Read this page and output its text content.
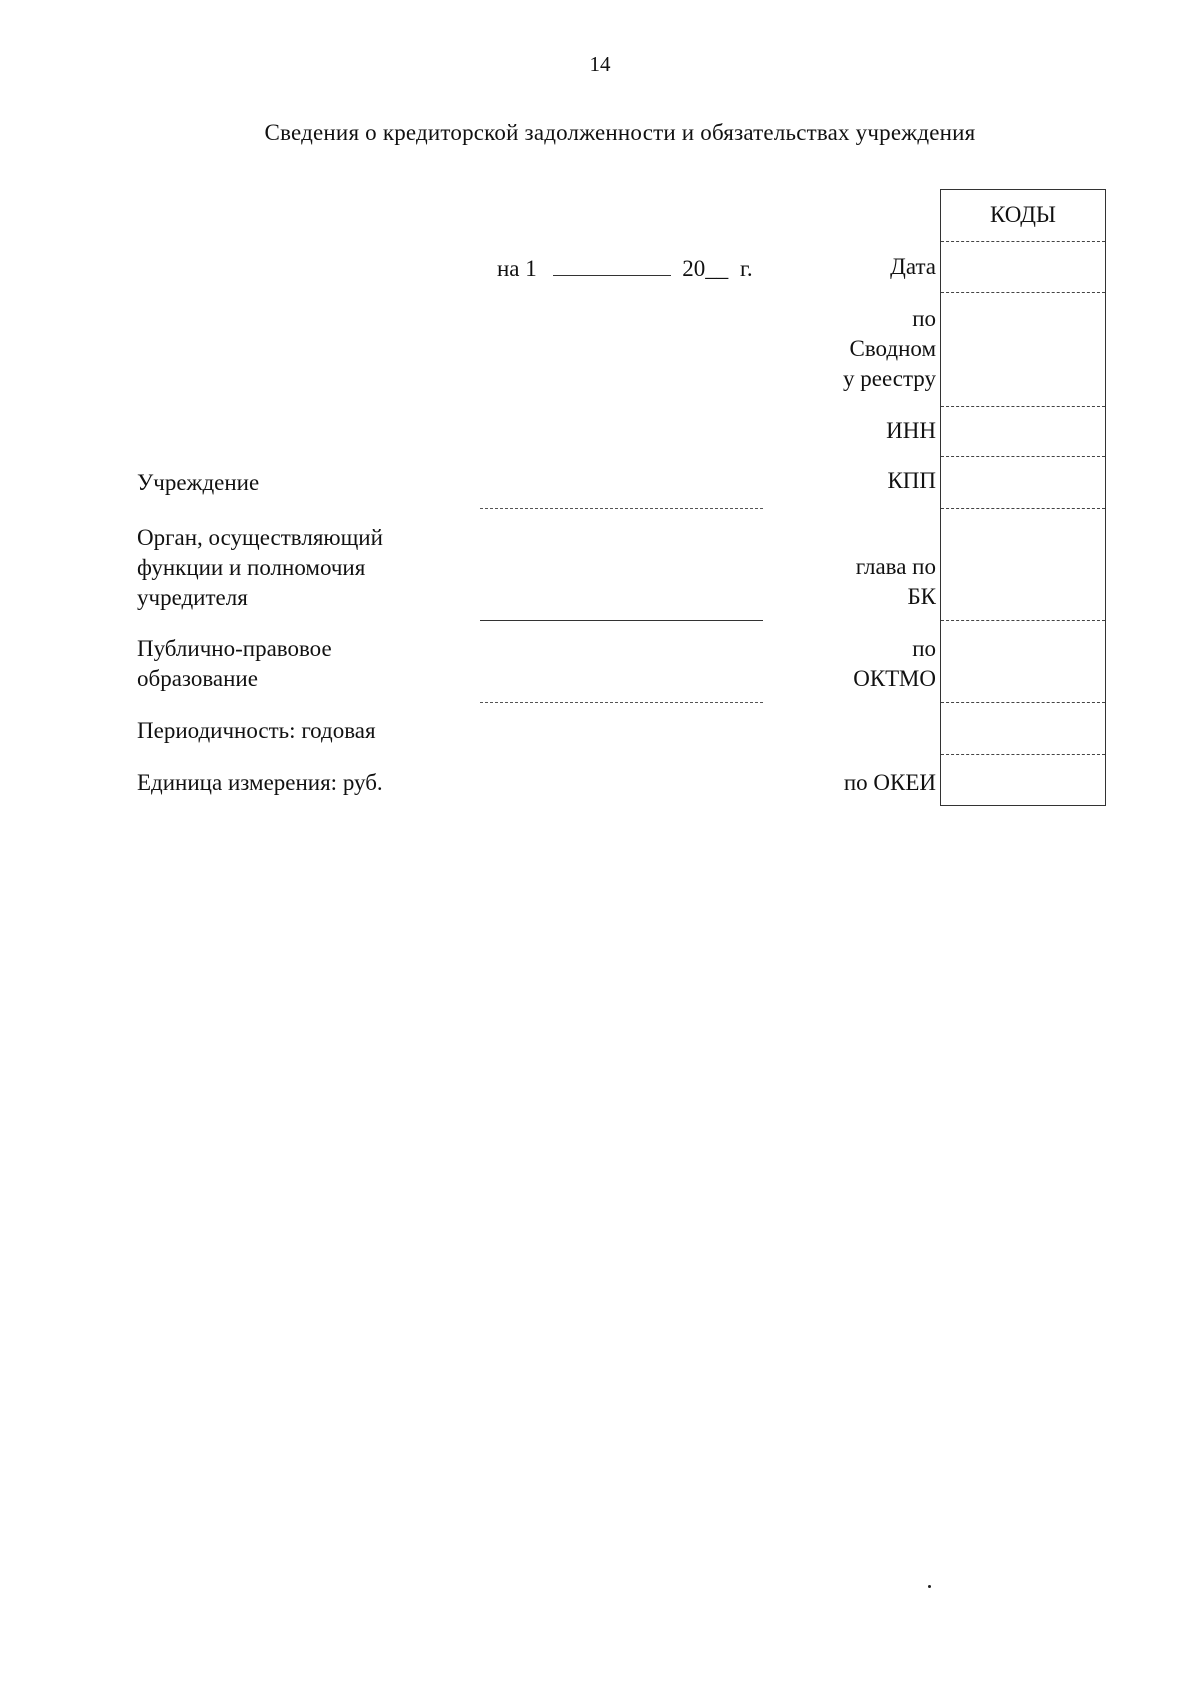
14
Сведения о кредиторской задолженности и обязательствах учреждения
на 1	20__ г.
Учреждение
Орган, осуществляющий
функции и полномочия
учредителя
Публично-правовое
образование
Периодичность: годовая
Единица измерения: руб.
Дата
по
Сводном
у реестру
ИНН
КПП
глава по
БК
по
ОКТМО
по ОКЕИ
КОДЫ
